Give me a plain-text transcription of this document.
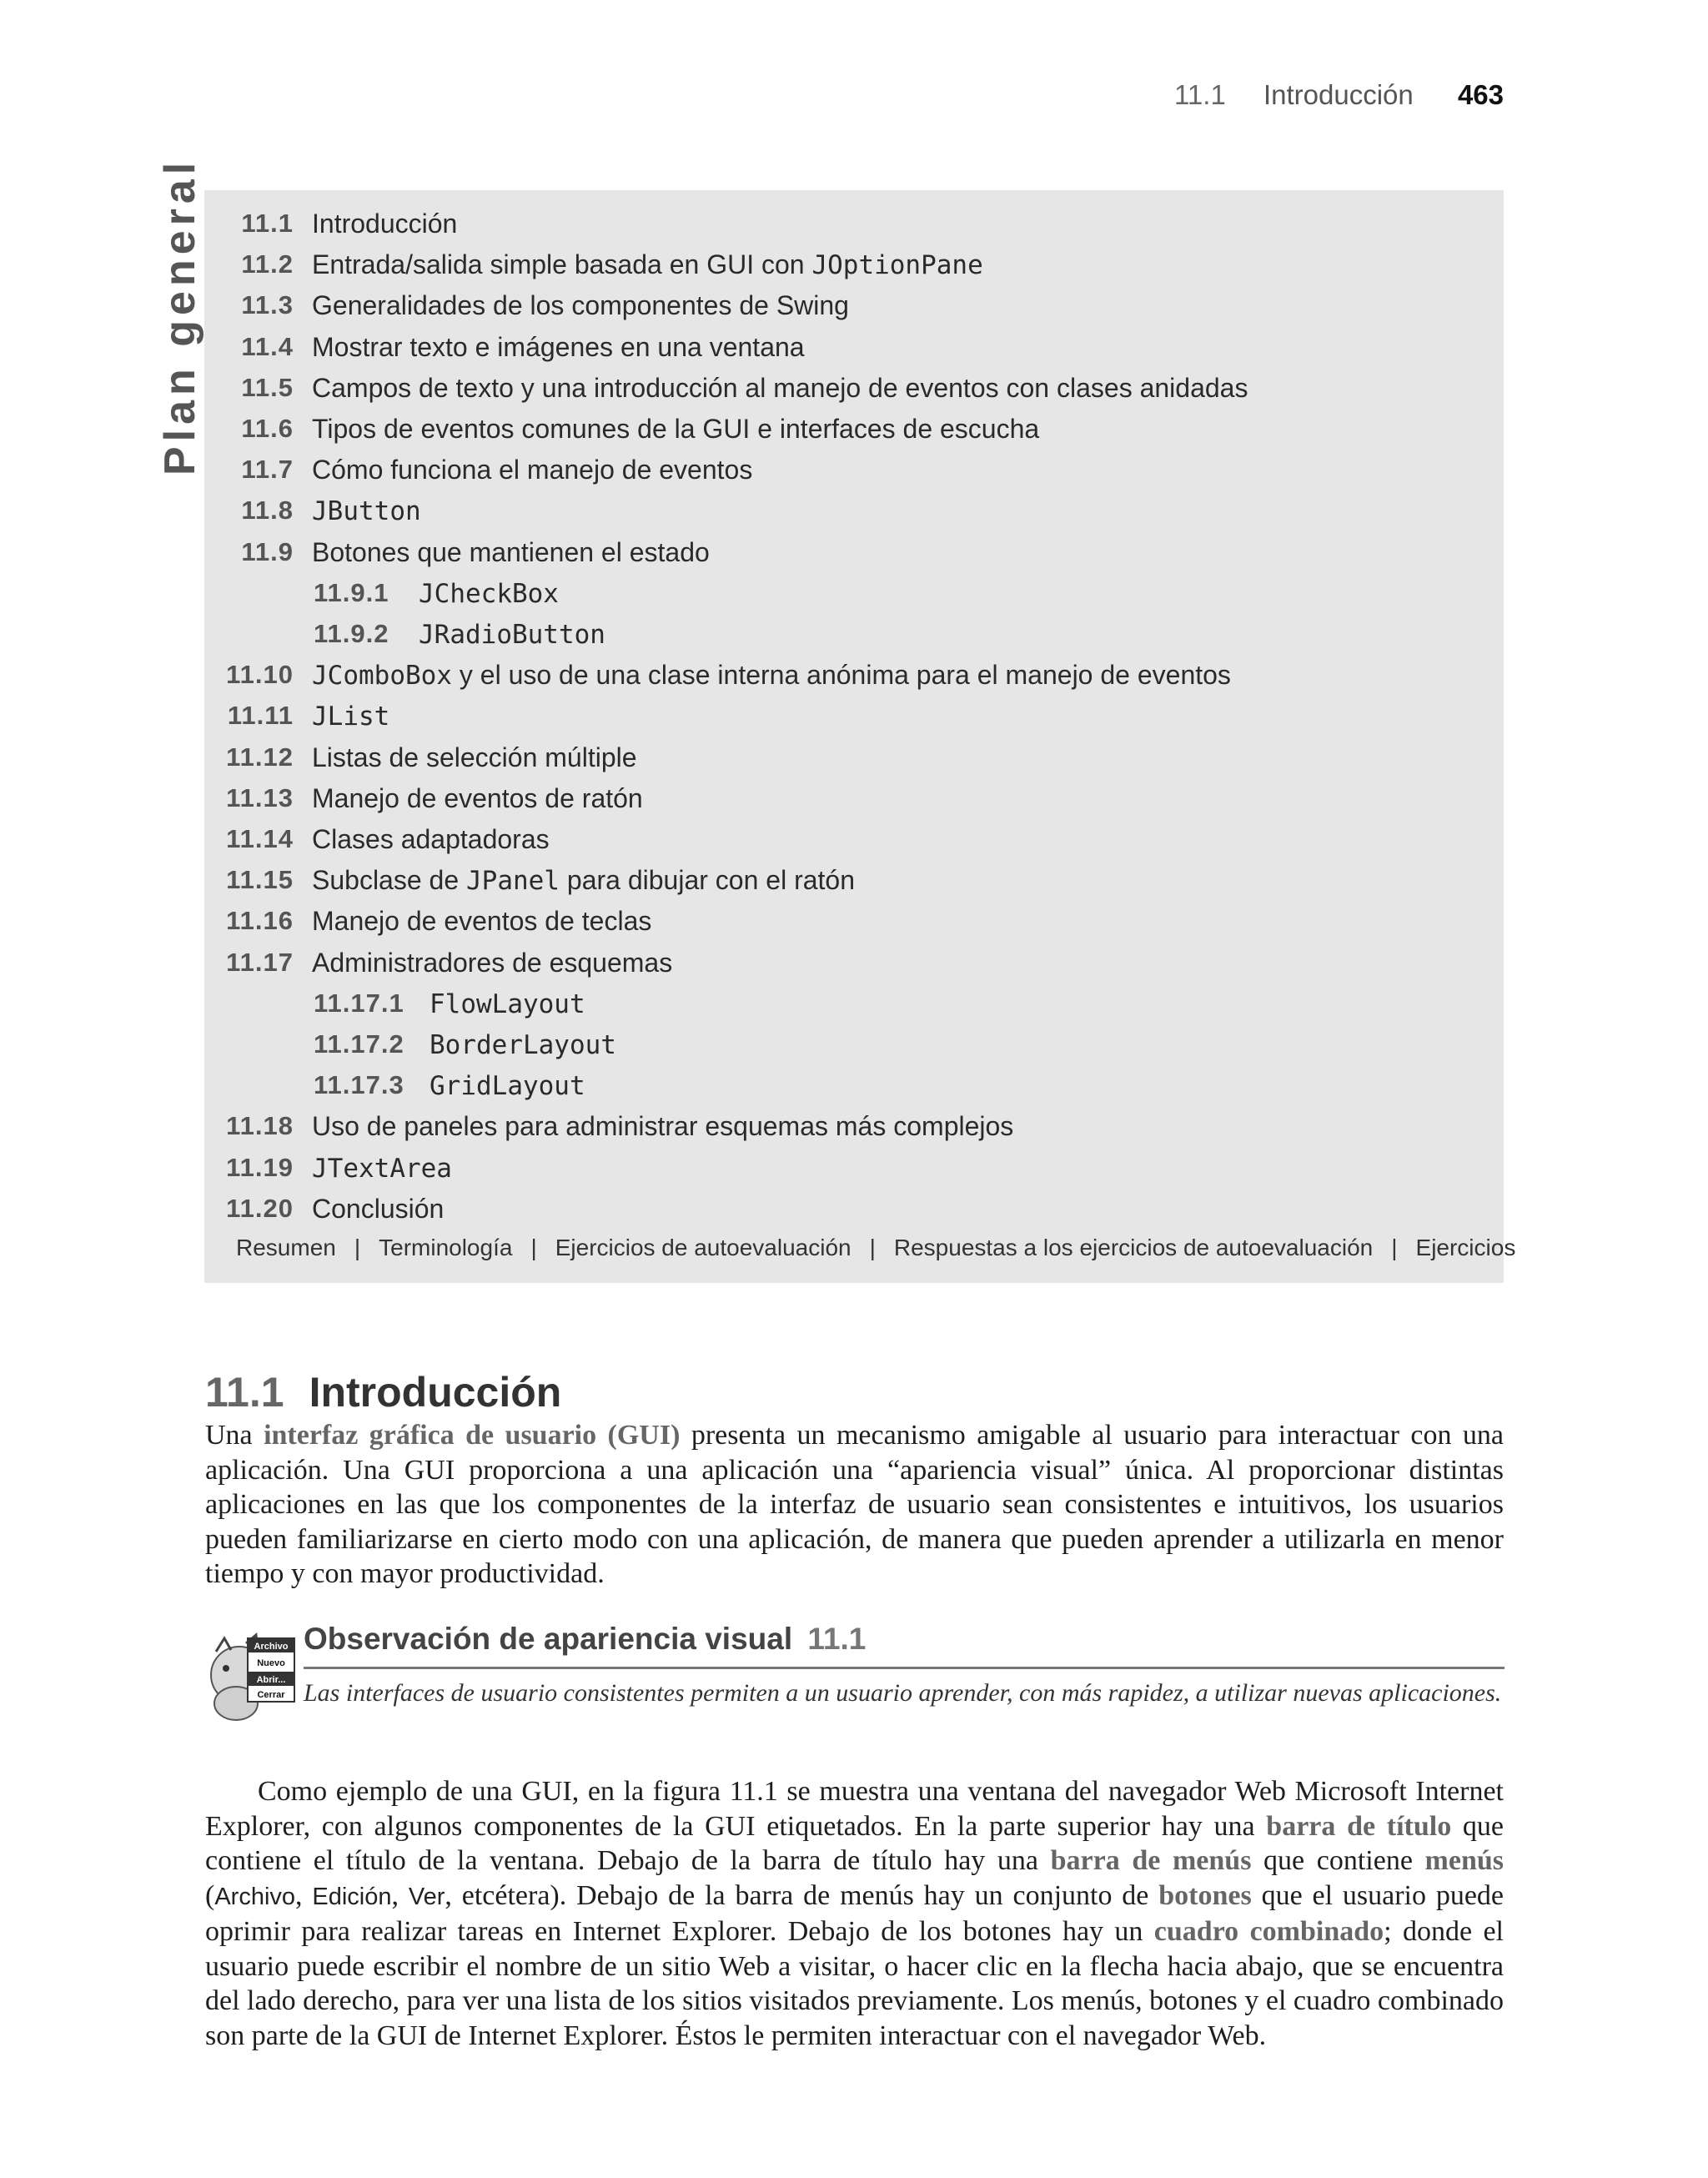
11.1 Introducción 463
Plan general	11.1 Introducción
11.2 Entrada/salida simple basada en GUI con JOptionPane
11.3 Generalidades de los componentes de Swing
11.4 Mostrar texto e imágenes en una ventana
11.5 Campos de texto y una introducción al manejo de eventos con clases anidadas
11.6 Tipos de eventos comunes de la GUI e interfaces de escucha
11.7 Cómo funciona el manejo de eventos
11.8 JButton
11.9 Botones que mantienen el estado
11.9.1 JCheckBox
11.9.2 JRadioButton
11.10 JComboBox y el uso de una clase interna anónima para el manejo de eventos
11.11 JList
11.12 Listas de selección múltiple
11.13 Manejo de eventos de ratón
11.14 Clases adaptadoras
11.15 Subclase de JPanel para dibujar con el ratón
11.16 Manejo de eventos de teclas
11.17 Administradores de esquemas
11.17.1 FlowLayout
11.17.2 BorderLayout
11.17.3 GridLayout
11.18 Uso de paneles para administrar esquemas más complejos
11.19 JTextArea
11.20 Conclusión
Resumen | Terminología | Ejercicios de autoevaluación | Respuestas a los ejercicios de autoevaluación | Ejercicios
11.1 Introducción
Una interfaz gráfica de usuario (GUI) presenta un mecanismo amigable al usuario para interactuar con una aplicación. Una GUI proporciona a una aplicación una “apariencia visual” única. Al proporcionar distintas aplicaciones en las que los componentes de la interfaz de usuario sean consistentes e intuitivos, los usuarios pueden familiarizarse en cierto modo con una aplicación, de manera que pueden aprender a utilizarla en menor tiempo y con mayor productividad.
Archivo
Nuevo
Abrir...
Cerrar
Observación de apariencia visual 11.1
Las interfaces de usuario consistentes permiten a un usuario aprender, con más rapidez, a utilizar nuevas aplicaciones.
Como ejemplo de una GUI, en la figura 11.1 se muestra una ventana del navegador Web Microsoft Internet Explorer, con algunos componentes de la GUI etiquetados. En la parte superior hay una barra de título que contiene el título de la ventana. Debajo de la barra de título hay una barra de menús que contiene menús (Archivo, Edición, Ver, etcétera). Debajo de la barra de menús hay un conjunto de botones que el usuario puede oprimir para realizar tareas en Internet Explorer. Debajo de los botones hay un cuadro combinado; donde el usuario puede escribir el nombre de un sitio Web a visitar, o hacer clic en la flecha hacia abajo, que se encuentra del lado derecho, para ver una lista de los sitios visitados previamente. Los menús, botones y el cuadro combinado son parte de la GUI de Internet Explorer. Éstos le permiten interactuar con el navegador Web.
